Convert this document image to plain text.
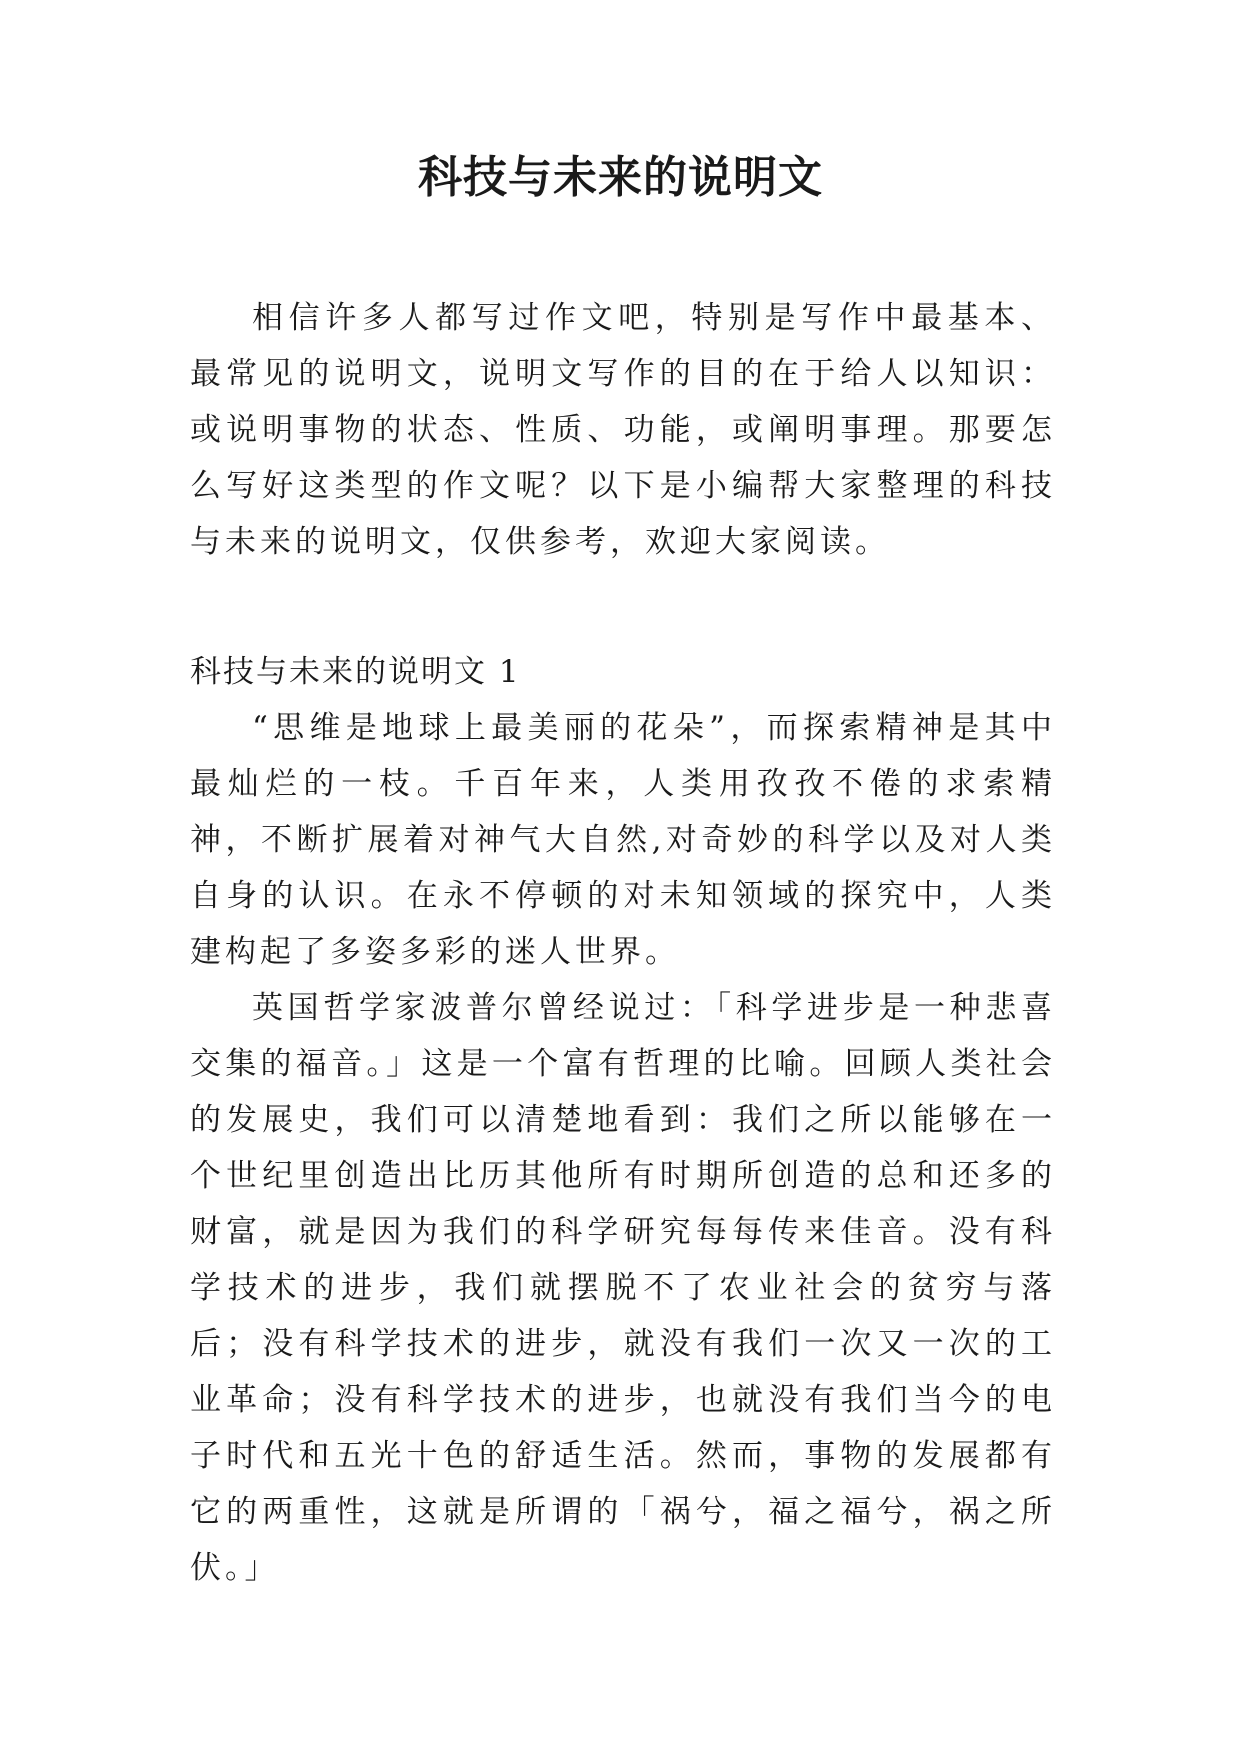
科技与未来的说明文

相信许多人都写过作文吧，特别是写作中最基本、最常见的说明文，说明文写作的目的在于给人以知识：或说明事物的状态、性质、功能，或阐明事理。那要怎么写好这类型的作文呢？以下是小编帮大家整理的科技与未来的说明文，仅供参考，欢迎大家阅读。

科技与未来的说明文 1

“思维是地球上最美丽的花朵”，而探索精神是其中最灿烂的一枝。千百年来，人类用孜孜不倦的求索精神，不断扩展着对神气大自然,对奇妙的科学以及对人类自身的认识。在永不停顿的对未知领域的探究中，人类建构起了多姿多彩的迷人世界。

英国哲学家波普尔曾经说过：「科学进步是一种悲喜交集的福音。」这是一个富有哲理的比喻。回顾人类社会的发展史，我们可以清楚地看到：我们之所以能够在一个世纪里创造出比历其他所有时期所创造的总和还多的财富，就是因为我们的科学研究每每传来佳音。没有科学技术的进步，我们就摆脱不了农业社会的贫穷与落后；没有科学技术的进步，就没有我们一次又一次的工业革命；没有科学技术的进步，也就没有我们当今的电子时代和五光十色的舒适生活。然而，事物的发展都有它的两重性，这就是所谓的「祸兮，福之福兮，祸之所伏。」
